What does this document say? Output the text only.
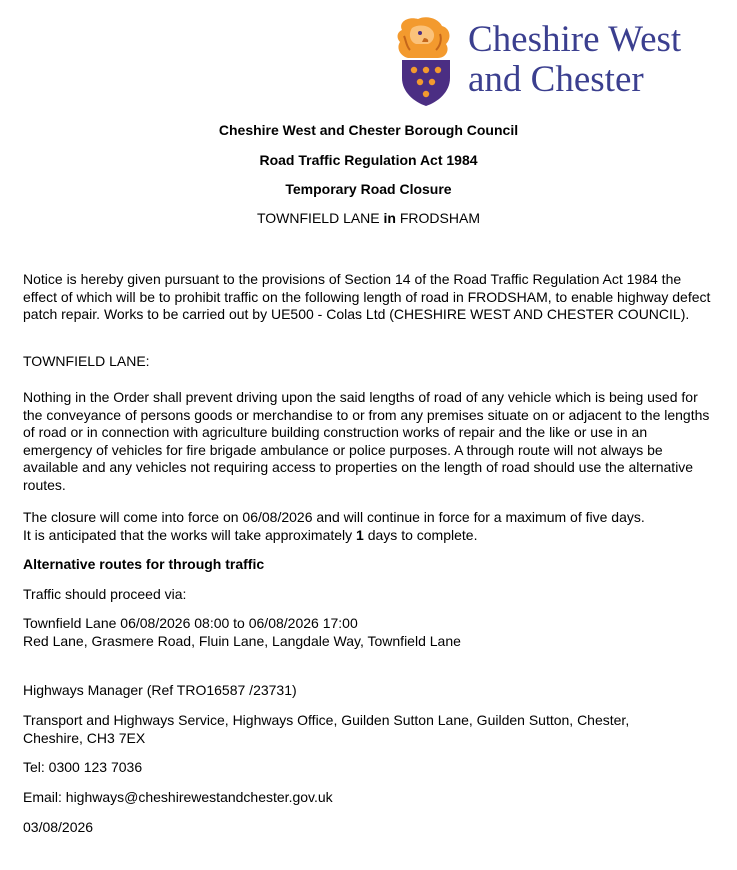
Cheshire West
and Chester
Cheshire West and Chester Borough Council
Road Traffic Regulation Act 1984
Temporary Road Closure
TOWNFIELD LANE in FRODSHAM
Notice is hereby given pursuant to the provisions of Section 14 of the Road Traffic Regulation Act 1984 the effect of which will be to prohibit traffic on the following length of road in FRODSHAM, to enable highway defect patch repair. Works to be carried out by UE500 - Colas Ltd (CHESHIRE WEST AND CHESTER COUNCIL).
TOWNFIELD LANE:
Nothing in the Order shall prevent driving upon the said lengths of road of any vehicle which is being used for the conveyance of persons goods or merchandise to or from any premises situate on or adjacent to the lengths of road or in connection with agriculture building construction works of repair and the like or use in an emergency of vehicles for fire brigade ambulance or police purposes. A through route will not always be available and any vehicles not requiring access to properties on the length of road should use the alternative routes.
The closure will come into force on 06/08/2026 and will continue in force for a maximum of five days.
It is anticipated that the works will take approximately 1 days to complete.
Alternative routes for through traffic
Traffic should proceed via:
Townfield Lane 06/08/2026 08:00 to 06/08/2026 17:00
Red Lane, Grasmere Road, Fluin Lane, Langdale Way, Townfield Lane
Highways Manager (Ref TRO16587 /23731)
Transport and Highways Service, Highways Office, Guilden Sutton Lane, Guilden Sutton, Chester,
Cheshire, CH3 7EX
Tel: 0300 123 7036
Email: highways@cheshirewestandchester.gov.uk
03/08/2026
